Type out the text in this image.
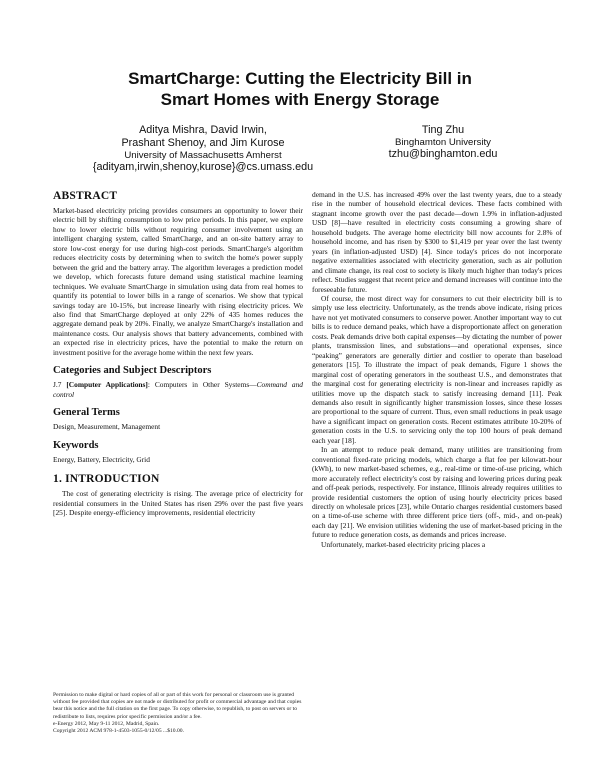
SmartCharge: Cutting the Electricity Bill in
Smart Homes with Energy Storage
Aditya Mishra, David Irwin,
Prashant Shenoy, and Jim Kurose
University of Massachusetts Amherst
{adityam,irwin,shenoy,kurose}@cs.umass.edu
Ting Zhu
Binghamton University
tzhu@binghamton.edu
ABSTRACT

Market-based electricity pricing provides consumers an opportunity to lower their electric bill by shifting consumption to low price periods. In this paper, we explore how to lower electric bills without requiring consumer involvement using an intelligent charging system, called SmartCharge, and an on-site battery array to store low-cost energy for use during high-cost periods. SmartCharge's algorithm reduces electricity costs by determining when to switch the home's power supply between the grid and the battery array. The algorithm leverages a prediction model we develop, which forecasts future demand using statistical machine learning techniques. We evaluate SmartCharge in simulation using data from real homes to quantify its potential to lower bills in a range of scenarios. We show that typical savings today are 10-15%, but increase linearly with rising electricity prices. We also find that SmartCharge deployed at only 22% of 435 homes reduces the aggregate demand peak by 20%. Finally, we analyze SmartCharge's installation and maintenance costs. Our analysis shows that battery advancements, combined with an expected rise in electricity prices, have the potential to make the return on investment positive for the average home within the next few years.

Categories and Subject Descriptors

J.7 [Computer Applications]: Computers in Other Systems—Command and control

General Terms

Design, Measurement, Management

Keywords

Energy, Battery, Electricity, Grid

1. INTRODUCTION

The cost of generating electricity is rising. The average price of electricity for residential consumers in the United States has risen 29% over the past five years [25]. Despite energy-efficiency improvements, residential electricity

demand in the U.S. has increased 49% over the last twenty years, due to a steady rise in the number of household electrical devices. These facts combined with stagnant income growth over the past decade—down 1.9% in inflation-adjusted USD [8]—have resulted in electricity costs consuming a growing share of household budgets. The average home electricity bill now accounts for 2.8% of household income, and has risen by $300 to $1,419 per year over the last twenty years (in inflation-adjusted USD) [4]. Since today's prices do not incorporate negative externalities associated with electricity generation, such as air pollution and climate change, its real cost to society is likely much higher than today's prices reflect. Studies suggest that recent price and demand increases will continue into the foreseeable future.

Of course, the most direct way for consumers to cut their electricity bill is to simply use less electricity. Unfortunately, as the trends above indicate, rising prices have not yet motivated consumers to conserve power. Another important way to cut bills is to reduce demand peaks, which have a disproportionate affect on generation costs. Peak demands drive both capital expenses—by dictating the number of power plants, transmission lines, and substations—and operational expenses, since “peaking” generators are generally dirtier and costlier to operate than baseload generators [15]. To illustrate the impact of peak demands, Figure 1 shows the marginal cost of operating generators in the southeast U.S., and demonstrates that the marginal cost for generating electricity is non-linear and increases rapidly as utilities move up the dispatch stack to satisfy increasing demand [11]. Peak demands also result in significantly higher transmission losses, since these losses are proportional to the square of current. Thus, even small reductions in peak usage have a significant impact on generation costs. Recent estimates attribute 10-20% of generation costs in the U.S. to servicing only the top 100 hours of peak demand each year [18].

In an attempt to reduce peak demand, many utilities are transitioning from conventional fixed-rate pricing models, which charge a flat fee per kilowatt-hour (kWh), to new market-based schemes, e.g., real-time or time-of-use pricing, which more accurately reflect electricity's cost by raising and lowering prices during peak and off-peak periods, respectively. For instance, Illinois already requires utilities to provide residential customers the option of using hourly electricity prices based directly on wholesale prices [23], while Ontario charges residential customers based on a time-of-use scheme with three different price tiers (off-, mid-, and on-peak) each day [21]. We envision utilities widening the use of market-based pricing in the future to reduce generation costs, as demands and prices increase.

Unfortunately, market-based electricity pricing places a

Permission to make digital or hard copies of all or part of this work for personal or classroom use is granted without fee provided that copies are not made or distributed for profit or commercial advantage and that copies bear this notice and the full citation on the first page. To copy otherwise, to republish, to post on servers or to redistribute to lists, requires prior specific permission and/or a fee.

e-Energy 2012, May 9-11 2012, Madrid, Spain.

Copyright 2012 ACM 978-1-4503-1055-0/12/05 ...$10.00.
